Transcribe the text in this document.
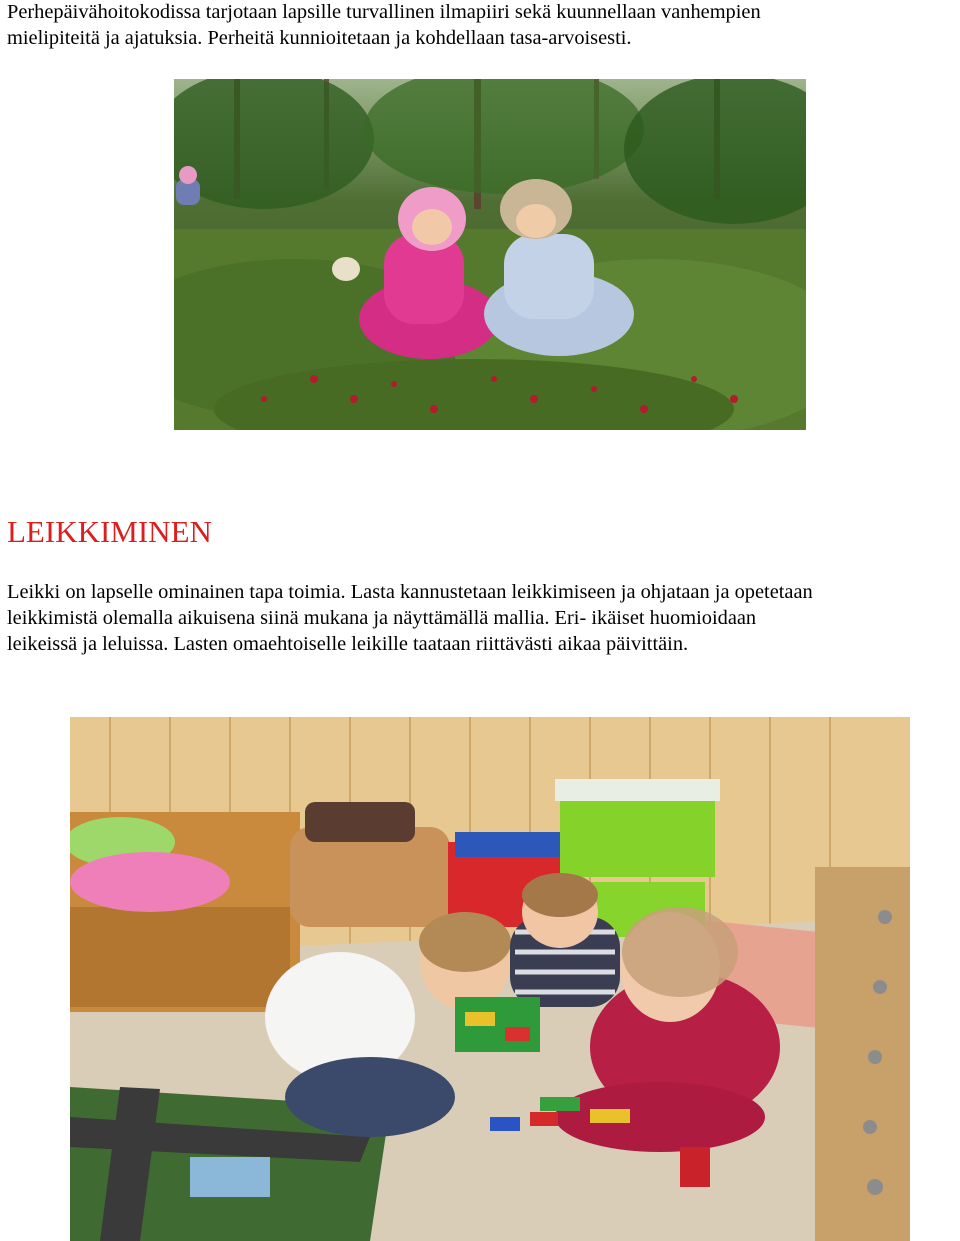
Perhepäivähoitokodissa tarjotaan lapsille turvallinen ilmapiiri sekä kuunnellaan vanhempien
mielipiteitä ja ajatuksia. Perheitä kunnioitetaan ja kohdellaan tasa-arvoisesti.

LEIKKIMINEN

Leikki on lapselle ominainen tapa toimia. Lasta kannustetaan leikkimiseen ja ohjataan ja opetetaan
leikkimistä olemalla aikuisena siinä mukana ja näyttämällä mallia. Eri- ikäiset huomioidaan
leikeissä ja leluissa. Lasten omaehtoiselle leikille taataan riittävästi aikaa päivittäin.
